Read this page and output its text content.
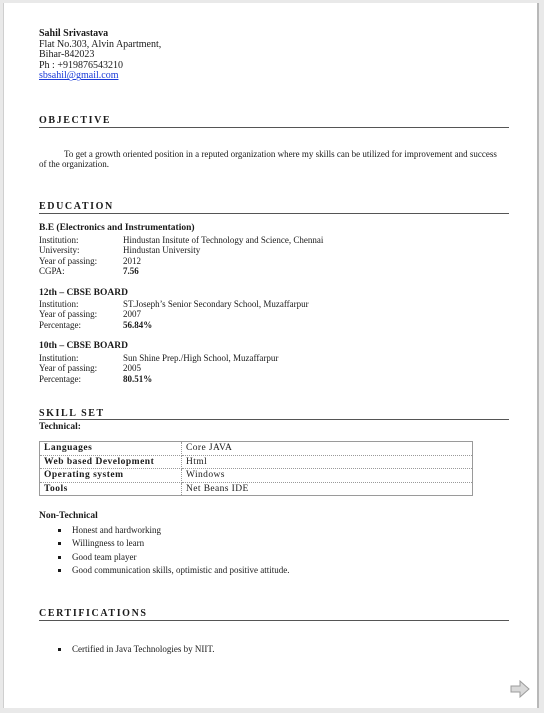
Sahil Srivastava
Flat No.303, Alvin Apartment,
Bihar-842023
Ph : +919876543210
sbsahil@gmail.com
OBJECTIVE
To get a growth oriented position in a reputed organization where my skills can be utilized for improvement and success of the organization.
EDUCATION
B.E (Electronics and Instrumentation)
Institution:	Hindustan Insitute of Technology and Science, Chennai
University:	Hindustan University
Year of passing:	2012
CGPA:	7.56
12th – CBSE BOARD
Institution:	ST.Joseph’s Senior Secondary School, Muzaffarpur
Year of passing:	2007
Percentage:	56.84%
10th – CBSE BOARD
Institution:	Sun Shine Prep./High School, Muzaffarpur
Year of passing:	2005
Percentage:	80.51%
SKILL SET
Technical:
Languages	Core JAVA
Web based Development	Html
Operating system	Windows
Tools	Net Beans IDE
Non-Technical
Honest and hardworking
Willingness to learn
Good team player
Good communication skills, optimistic and positive attitude.
CERTIFICATIONS
Certified in Java Technologies by NIIT.
